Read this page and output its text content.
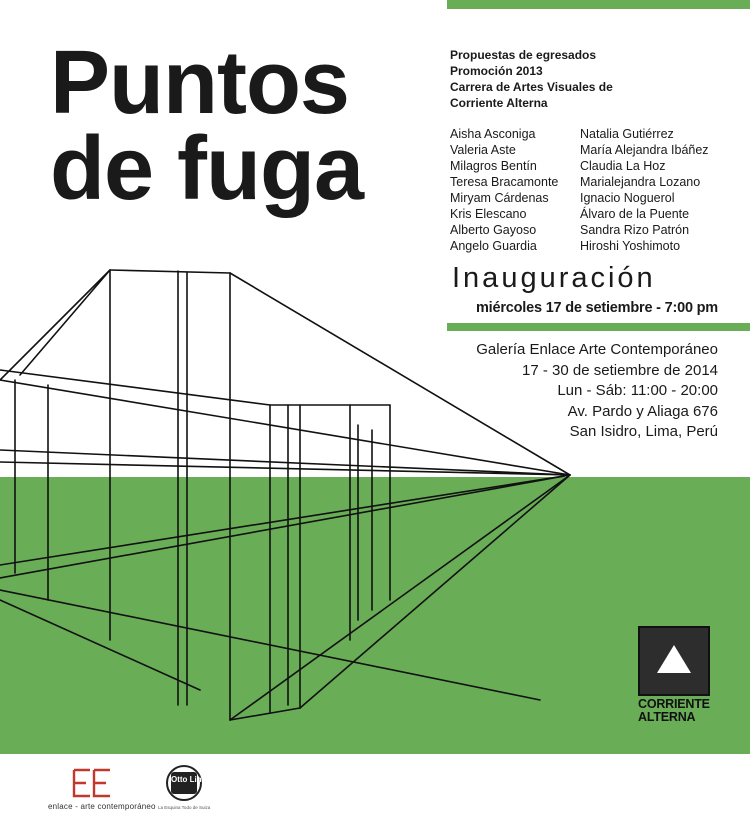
Puntos
de fuga
Propuestas de egresados
Promoción 2013
Carrera de Artes Visuales de
Corriente Alterna
Aisha Asconiga
Valeria Aste
Milagros Bentín
Teresa Bracamonte
Miryam Cárdenas
Kris Elescano
Alberto Gayoso
Angelo Guardia
Natalia Gutiérrez
María Alejandra Ibáñez
Claudia La Hoz
Marialejandra Lozano
Ignacio Noguerol
Álvaro de la Puente
Sandra Rizo Patrón
Hiroshi Yoshimoto
Inauguración
miércoles 17 de setiembre - 7:00 pm
Galería Enlace Arte Contemporáneo
17 - 30 de setiembre de 2014
Lun - Sáb: 11:00 - 20:00
Av. Pardo y Aliaga 676
San Isidro, Lima, Perú
CORRIENTE
ALTERNA
enlace - arte contemporáneo
Otto Linz
La Esquina Todo de Suiza
